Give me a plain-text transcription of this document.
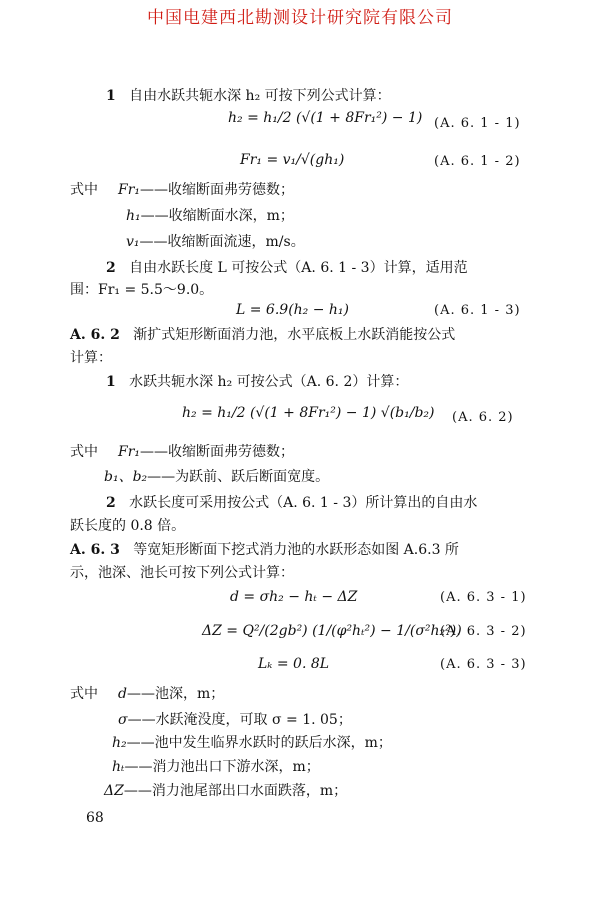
中国电建西北勘测设计研究院有限公司
1 自由水跃共轭水深 h₂ 可按下列公式计算：
h₂ = h₁/2 (√(1 + 8Fr₁²) − 1) (A. 6. 1 - 1)
Fr₁ = v₁/√(gh₁)	(A. 6. 1 - 2)
式中 Fr₁——收缩断面弗劳德数；
h₁——收缩断面水深，m；
v₁——收缩断面流速，m/s。
2 自由水跃长度 L 可按公式（A. 6. 1 - 3）计算，适用范
围：Fr₁ = 5.5～9.0。
L = 6.9(h₂ − h₁)	(A. 6. 1 - 3)
A. 6. 2 渐扩式矩形断面消力池，水平底板上水跃消能按公式
计算：
1 水跃共轭水深 h₂ 可按公式（A. 6. 2）计算：
h₂ = h₁/2 (√(1 + 8Fr₁²) − 1) √(b₁/b₂) (A. 6. 2)
式中 Fr₁——收缩断面弗劳德数；
b₁、b₂——为跃前、跃后断面宽度。
2 水跃长度可采用按公式（A. 6. 1 - 3）所计算出的自由水
跃长度的 0.8 倍。
A. 6. 3 等宽矩形断面下挖式消力池的水跃形态如图 A.6.3 所
示，池深、池长可按下列公式计算：
d = σh₂ − hₜ − ΔZ	(A. 6. 3 - 1)
ΔZ = Q²/(2gb²) (1/(φ²hₜ²) − 1/(σ²h₂²))
(A. 6. 3 - 2)
Lₖ = 0. 8L	(A. 6. 3 - 3)
式中 d——池深，m；
σ——水跃淹没度，可取 σ = 1. 05；
h₂——池中发生临界水跃时的跃后水深，m；
hₜ——消力池出口下游水深，m；
ΔZ——消力池尾部出口水面跌落，m；
68
